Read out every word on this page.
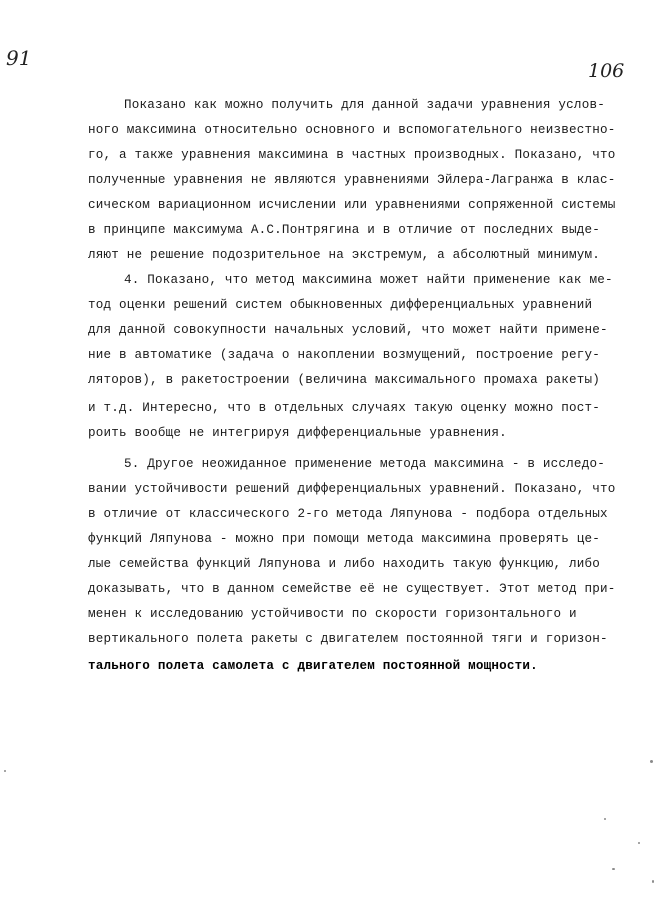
91
106
Показано как можно получить для данной задачи уравнения услов-
ного максимина относительно основного и вспомогательного неизвестно-
го, а также уравнения максимина в частных производных. Показано, что
полученные уравнения не являются уравнениями Эйлера-Лагранжа в клас-
сическом вариационном исчислении или уравнениями сопряженной системы
в принципе максимума А.С.Понтрягина и в отличие от последних выде-
ляют не решение подозрительное на экстремум, а абсолютный минимум.
4. Показано, что метод максимина может найти применение как ме-
тод оценки решений систем обыкновенных дифференциальных уравнений
для данной совокупности начальных условий, что может найти примене-
ние в автоматике (задача о накоплении возмущений, построение регу-
ляторов), в ракетостроении (величина максимального промаха ракеты)
и т.д. Интересно, что в отдельных случаях такую оценку можно пост-
роить вообще не интегрируя дифференциальные уравнения.
5. Другое неожиданное применение метода максимина - в исследо-
вании устойчивости решений дифференциальных уравнений. Показано, что
в отличие от классического 2-го метода Ляпунова - подбора отдельных
функций Ляпунова - можно при помощи метода максимина проверять це-
лые семейства функций Ляпунова и либо находить такую функцию, либо
доказывать, что в данном семействе её не существует. Этот метод при-
менен к исследованию устойчивости по скорости горизонтального и
вертикального полета ракеты с двигателем постоянной тяги и горизон-
тального полета самолета с двигателем постоянной мощности.
